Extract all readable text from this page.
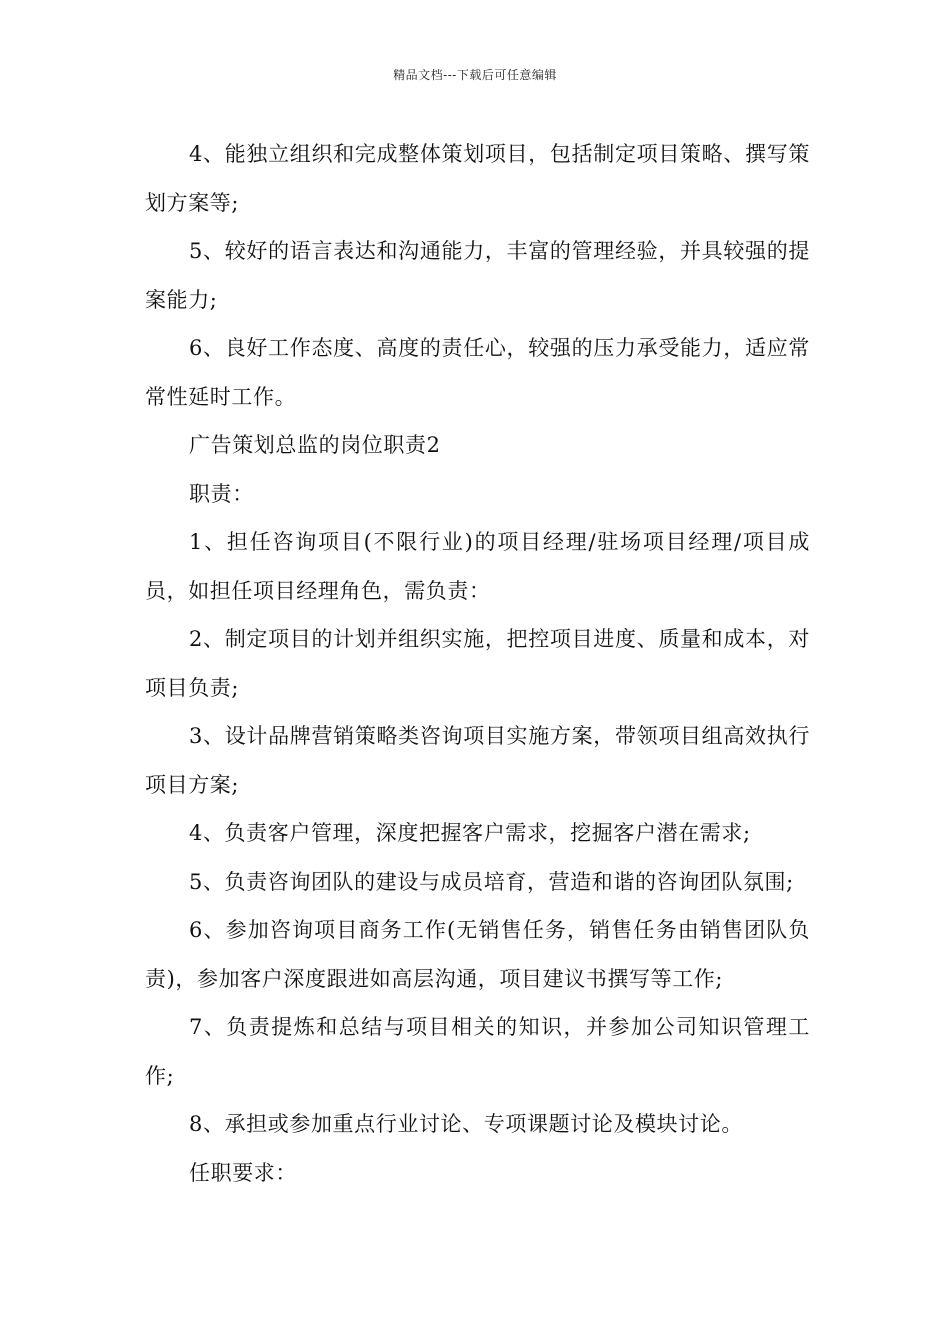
精品文档---下载后可任意编辑

4、能独立组织和完成整体策划项目，包括制定项目策略、撰写策划方案等;

5、较好的语言表达和沟通能力，丰富的管理经验，并具较强的提案能力;

6、良好工作态度、高度的责任心，较强的压力承受能力，适应常常性延时工作。

广告策划总监的岗位职责2

职责：

1、担任咨询项目(不限行业)的项目经理/驻场项目经理/项目成员，如担任项目经理角色，需负责：

2、制定项目的计划并组织实施，把控项目进度、质量和成本，对项目负责;

3、设计品牌营销策略类咨询项目实施方案，带领项目组高效执行项目方案;

4、负责客户管理，深度把握客户需求，挖掘客户潜在需求;

5、负责咨询团队的建设与成员培育，营造和谐的咨询团队氛围;

6、参加咨询项目商务工作(无销售任务，销售任务由销售团队负责)，参加客户深度跟进如高层沟通，项目建议书撰写等工作;

7、负责提炼和总结与项目相关的知识，并参加公司知识管理工作;

8、承担或参加重点行业讨论、专项课题讨论及模块讨论。

任职要求：
